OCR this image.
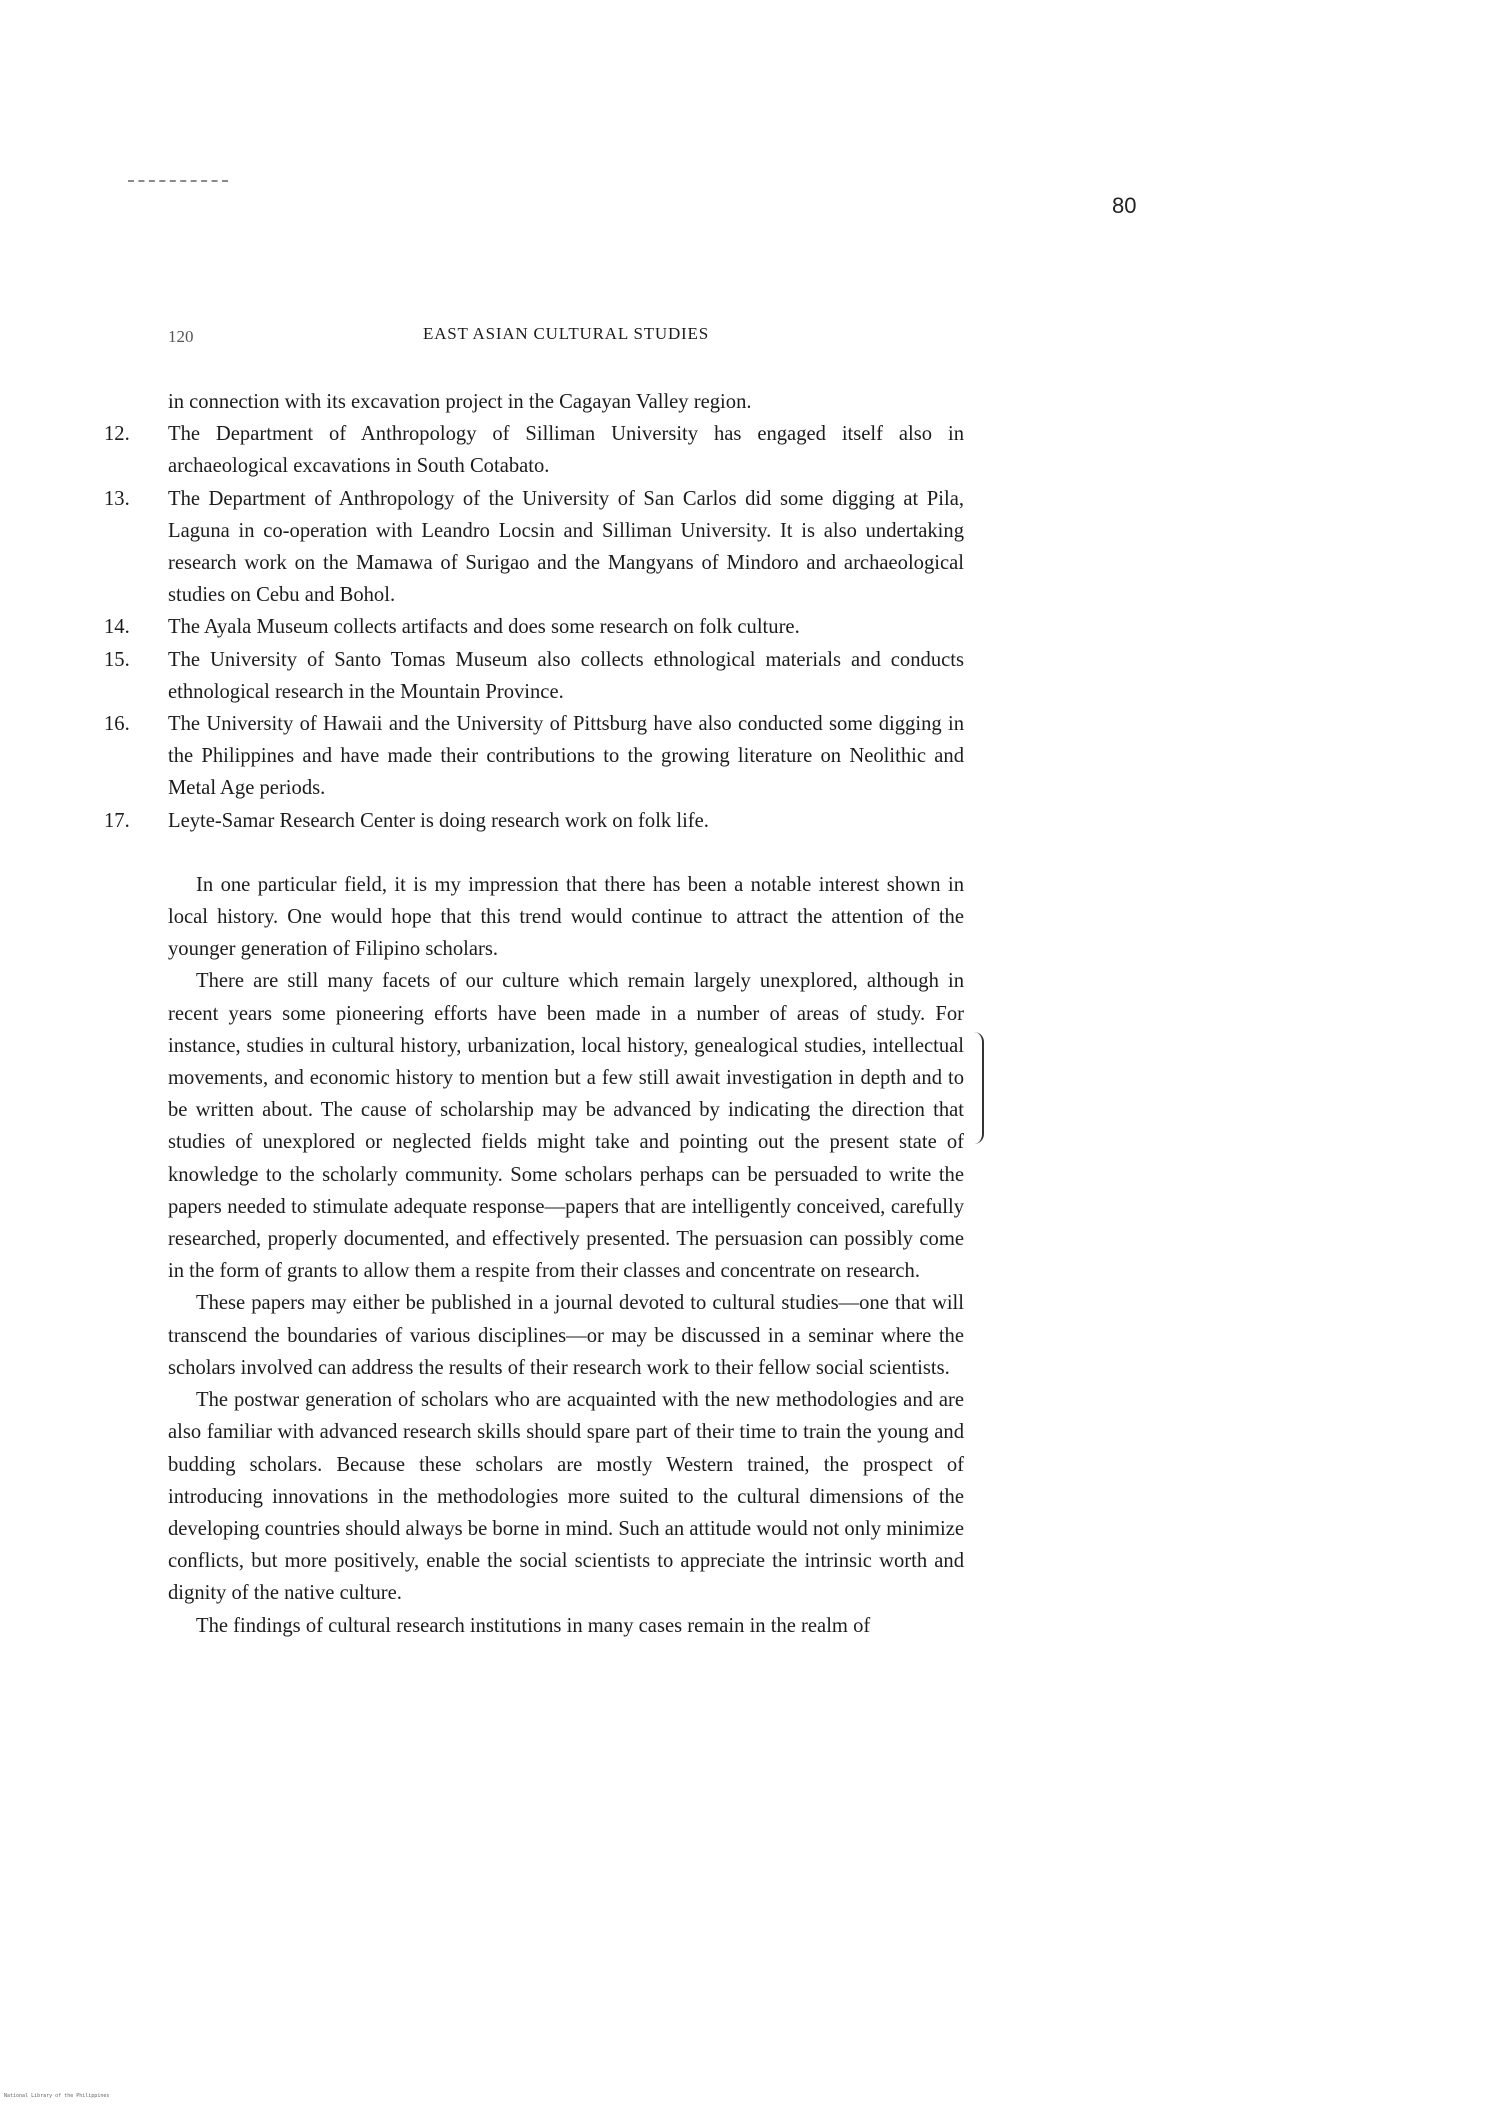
80
120	EAST ASIAN CULTURAL STUDIES

in connection with its excavation project in the Cagayan Valley region.

12.	The Department of Anthropology of Silliman University has engaged itself also in archaeological excavations in South Cotabato.
13.	The Department of Anthropology of the University of San Carlos did some digging at Pila, Laguna in co-operation with Leandro Locsin and Silliman University. It is also undertaking research work on the Mamawa of Surigao and the Mangyans of Mindoro and archaeological studies on Cebu and Bohol.
14.	The Ayala Museum collects artifacts and does some research on folk culture.
15.	The University of Santo Tomas Museum also collects ethnological materials and conducts ethnological research in the Mountain Province.
16.	The University of Hawaii and the University of Pittsburg have also conducted some digging in the Philippines and have made their contributions to the growing literature on Neolithic and Metal Age periods.
17.	Leyte-Samar Research Center is doing research work on folk life.

In one particular field, it is my impression that there has been a notable interest shown in local history. One would hope that this trend would continue to attract the attention of the younger generation of Filipino scholars.

There are still many facets of our culture which remain largely unexplored, although in recent years some pioneering efforts have been made in a number of areas of study. For instance, studies in cultural history, urbanization, local history, genealogical studies, intellectual movements, and economic history to mention but a few still await investigation in depth and to be written about. The cause of scholarship may be advanced by indicating the direction that studies of unexplored or neglected fields might take and pointing out the present state of knowledge to the scholarly community. Some scholars perhaps can be persuaded to write the papers needed to stimulate adequate response—papers that are intelligently conceived, carefully researched, properly documented, and effectively presented. The persuasion can possibly come in the form of grants to allow them a respite from their classes and concentrate on research.

These papers may either be published in a journal devoted to cultural studies—one that will transcend the boundaries of various disciplines—or may be discussed in a seminar where the scholars involved can address the results of their research work to their fellow social scientists.

The postwar generation of scholars who are acquainted with the new methodologies and are also familiar with advanced research skills should spare part of their time to train the young and budding scholars. Because these scholars are mostly Western trained, the prospect of introducing innovations in the methodologies more suited to the cultural dimensions of the developing countries should always be borne in mind. Such an attitude would not only minimize conflicts, but more positively, enable the social scientists to appreciate the intrinsic worth and dignity of the native culture.

The findings of cultural research institutions in many cases remain in the realm of

National Library of the Philippines
